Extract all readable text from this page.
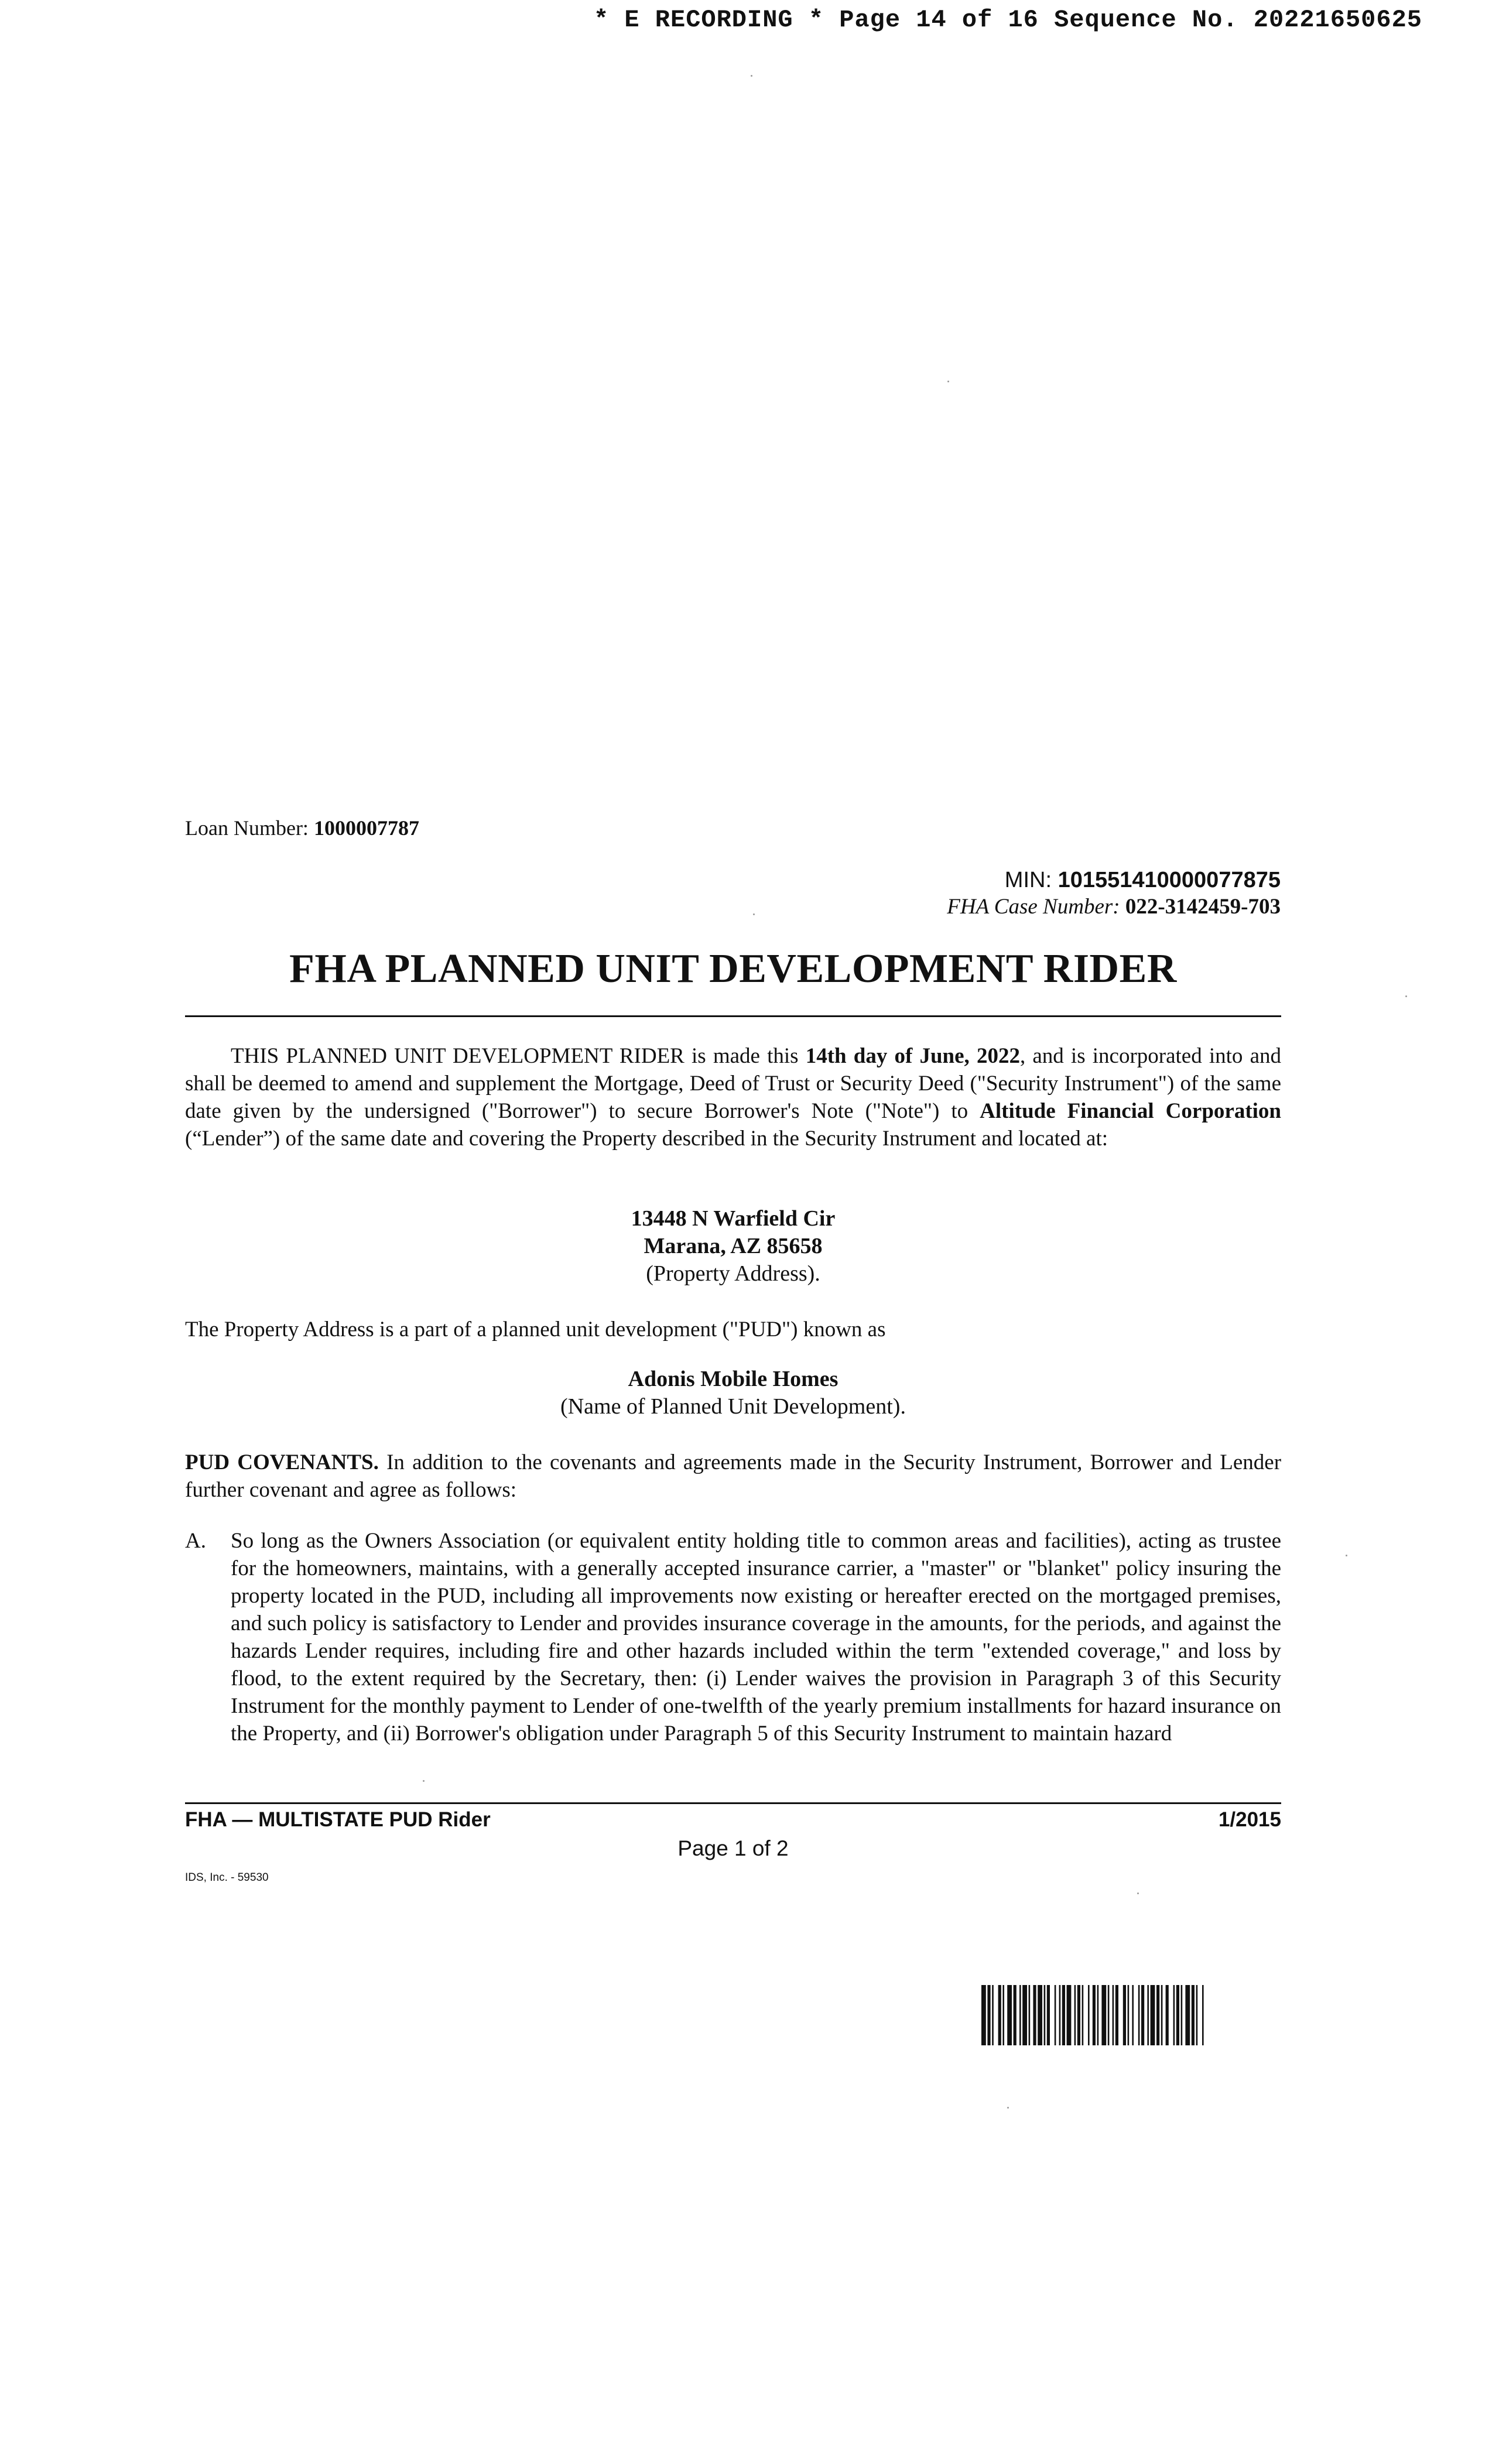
* E RECORDING * Page 14 of 16 Sequence No. 20221650625
Loan Number: 1000007787
MIN: 101551410000077875
FHA Case Number: 022-3142459-703
FHA PLANNED UNIT DEVELOPMENT RIDER
THIS PLANNED UNIT DEVELOPMENT RIDER is made this 14th day of June, 2022, and is incorporated into and shall be deemed to amend and supplement the Mortgage, Deed of Trust or Security Deed ("Security Instrument") of the same date given by the undersigned ("Borrower") to secure Borrower's Note ("Note") to Altitude Financial Corporation (“Lender”) of the same date and covering the Property described in the Security Instrument and located at:
13448 N Warfield Cir
Marana, AZ 85658
(Property Address).
The Property Address is a part of a planned unit development ("PUD") known as
Adonis Mobile Homes
(Name of Planned Unit Development).
PUD COVENANTS. In addition to the covenants and agreements made in the Security Instrument, Borrower and Lender further covenant and agree as follows:
A. So long as the Owners Association (or equivalent entity holding title to common areas and facilities), acting as trustee for the homeowners, maintains, with a generally accepted insurance carrier, a "master" or "blanket" policy insuring the property located in the PUD, including all improvements now existing or hereafter erected on the mortgaged premises, and such policy is satisfactory to Lender and provides insurance coverage in the amounts, for the periods, and against the hazards Lender requires, including fire and other hazards included within the term "extended coverage," and loss by flood, to the extent required by the Secretary, then: (i) Lender waives the provision in Paragraph 3 of this Security Instrument for the monthly payment to Lender of one-twelfth of the yearly premium installments for hazard insurance on the Property, and (ii) Borrower's obligation under Paragraph 5 of this Security Instrument to maintain hazard
FHA — MULTISTATE PUD Rider	1/2015
Page 1 of 2
IDS, Inc. - 59530
